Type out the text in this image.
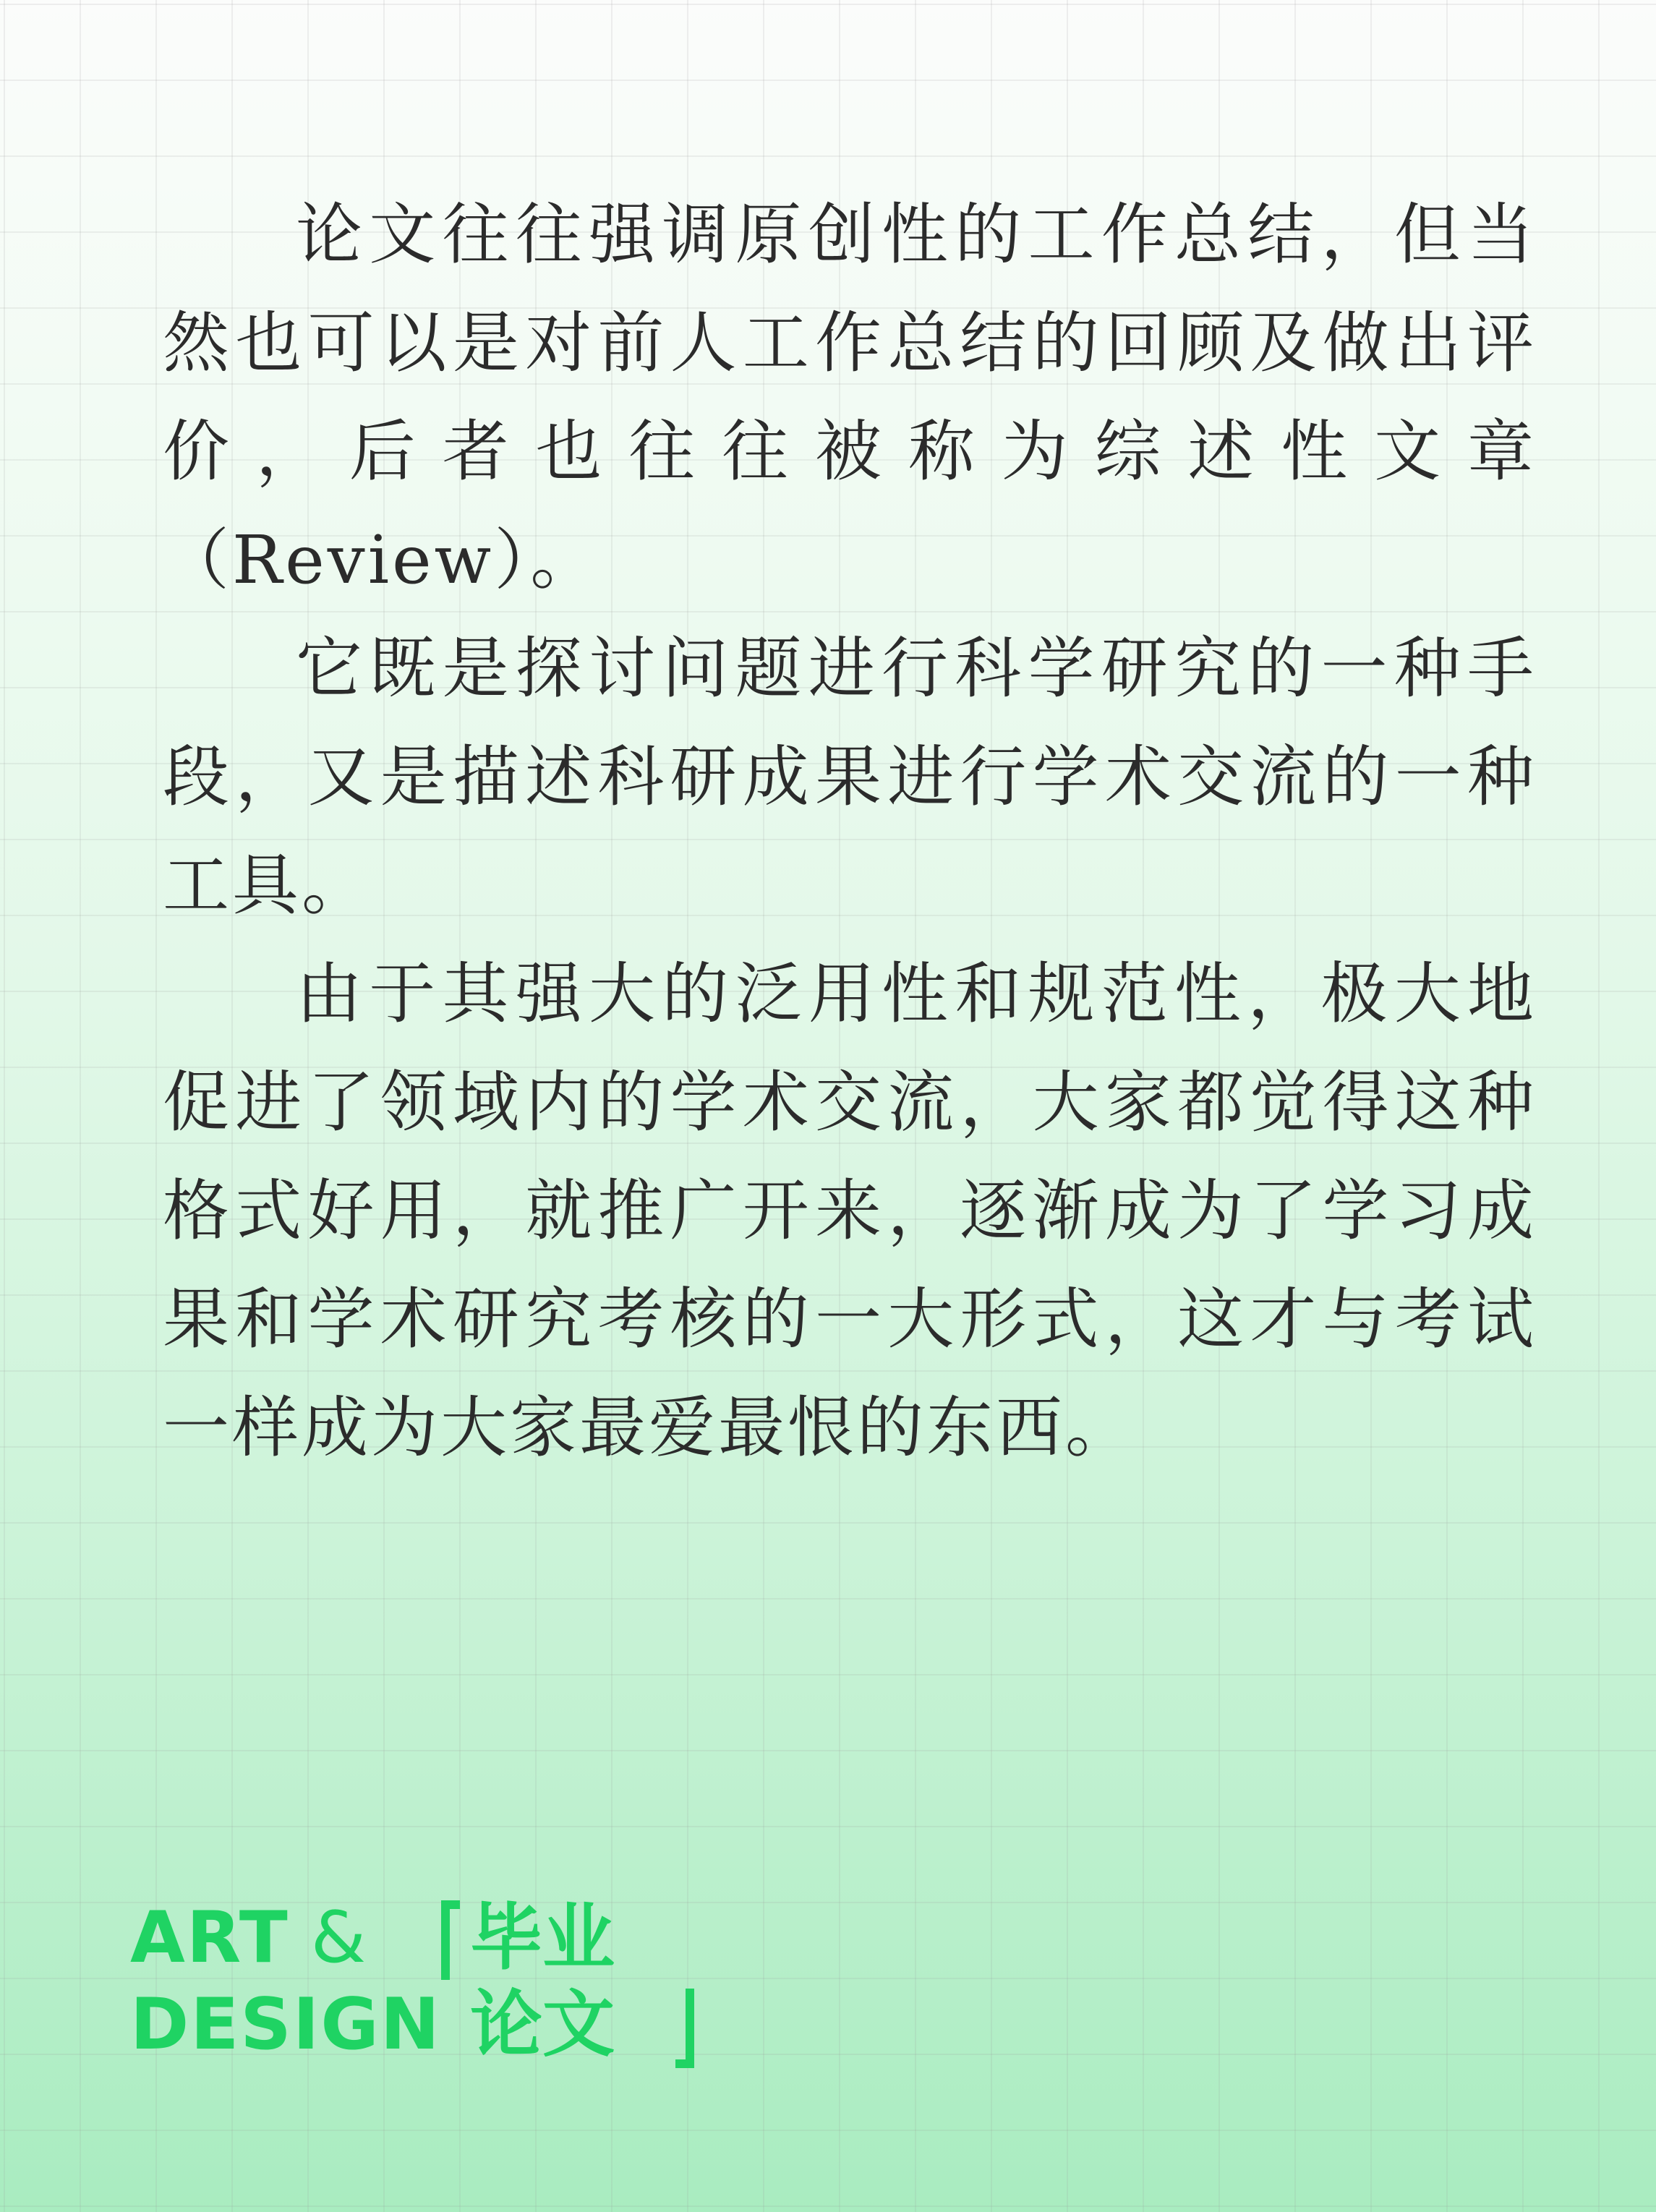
论文往往强调原创性的工作总结，但当然也可以是对前人工作总结的回顾及做出评价，后者也往往被称为综述性文章（Review）。

它既是探讨问题进行科学研究的一种手段，又是描述科研成果进行学术交流的一种工具。

由于其强大的泛用性和规范性，极大地促进了领域内的学术交流，大家都觉得这种格式好用，就推广开来，逐渐成为了学习成果和学术研究考核的一大形式，这才与考试一样成为大家最爱最恨的东西。

ART &
DESIGN
毕业
论文
